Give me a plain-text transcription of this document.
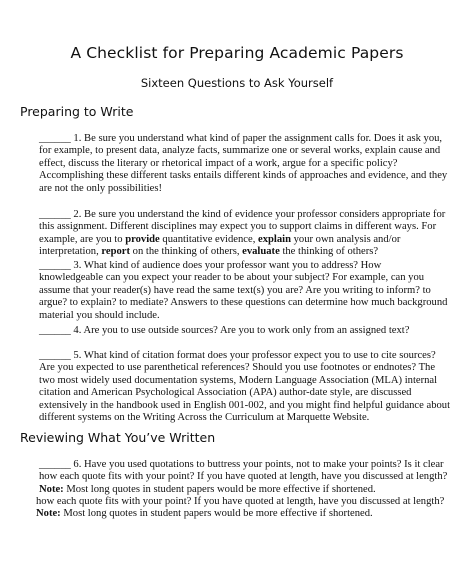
A Checklist for Preparing Academic Papers
Sixteen Questions to Ask Yourself
Preparing to Write
______ 1. Be sure you understand what kind of paper the assignment calls for. Does it ask you,
for example, to present data, analyze facts, summarize one or several works, explain cause and
effect, discuss the literary or rhetorical impact of a work, argue for a specific policy?
Accomplishing these different tasks entails different kinds of approaches and evidence, and they
are not the only possibilities!
______ 2. Be sure you understand the kind of evidence your professor considers appropriate for
this assignment. Different disciplines may expect you to support claims in different ways. For
example, are you to provide quantitative evidence, explain your own analysis and/or
interpretation, report on the thinking of others, evaluate the thinking of others?
______ 3. What kind of audience does your professor want you to address? How
knowledgeable can you expect your reader to be about your subject? For example, can you
assume that your reader(s) have read the same text(s) you are? Are you writing to inform? to
argue? to explain? to mediate? Answers to these questions can determine how much background
material you should include.
______ 4. Are you to use outside sources? Are you to work only from an assigned text?
______ 5. What kind of citation format does your professor expect you to use to cite sources?
Are you expected to use parenthetical references? Should you use footnotes or endnotes? The
two most widely used documentation systems, Modern Language Association (MLA) internal
citation and American Psychological Association (APA) author-date style, are discussed
extensively in the handbook used in English 001-002, and you might find helpful guidance about
different systems on the Writing Across the Curriculum at Marquette Website.
Reviewing What You’ve Written
______ 6. Have you used quotations to buttress your points, not to make your points? Is it clear
how each quote fits with your point? If you have quoted at length, have you discussed at length?
Note: Most long quotes in student papers would be more effective if shortened.
how each quote fits with your point? If you have quoted at length, have you discussed at length?
Note: Most long quotes in student papers would be more effective if shortened.
